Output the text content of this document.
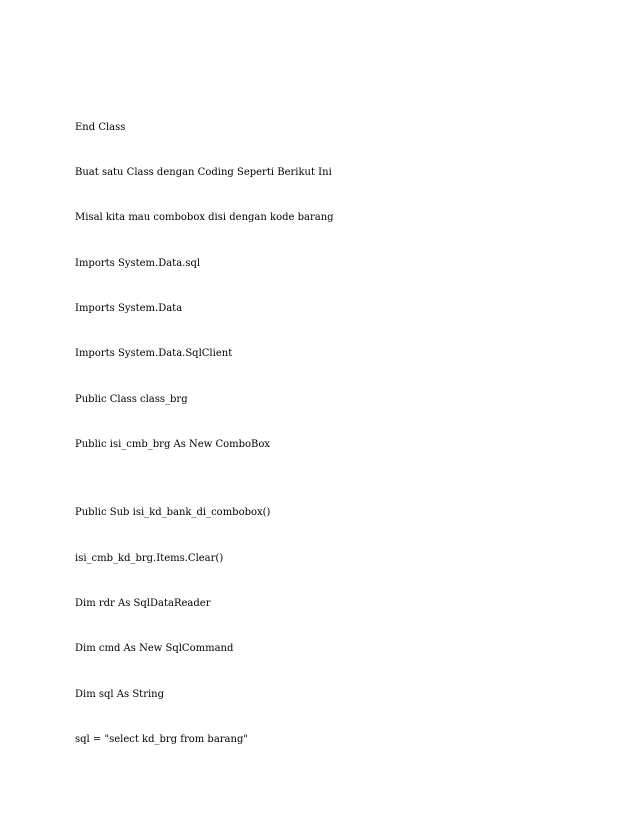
End Class
Buat satu Class dengan Coding Seperti Berikut Ini
Misal kita mau combobox disi dengan kode barang
Imports System.Data.sql
Imports System.Data
Imports System.Data.SqlClient
Public Class class_brg
Public isi_cmb_brg As New ComboBox
Public Sub isi_kd_bank_di_combobox()
isi_cmb_kd_brg.Items.Clear()
Dim rdr As SqlDataReader
Dim cmd As New SqlCommand
Dim sql As String
sql = "select kd_brg from barang"
